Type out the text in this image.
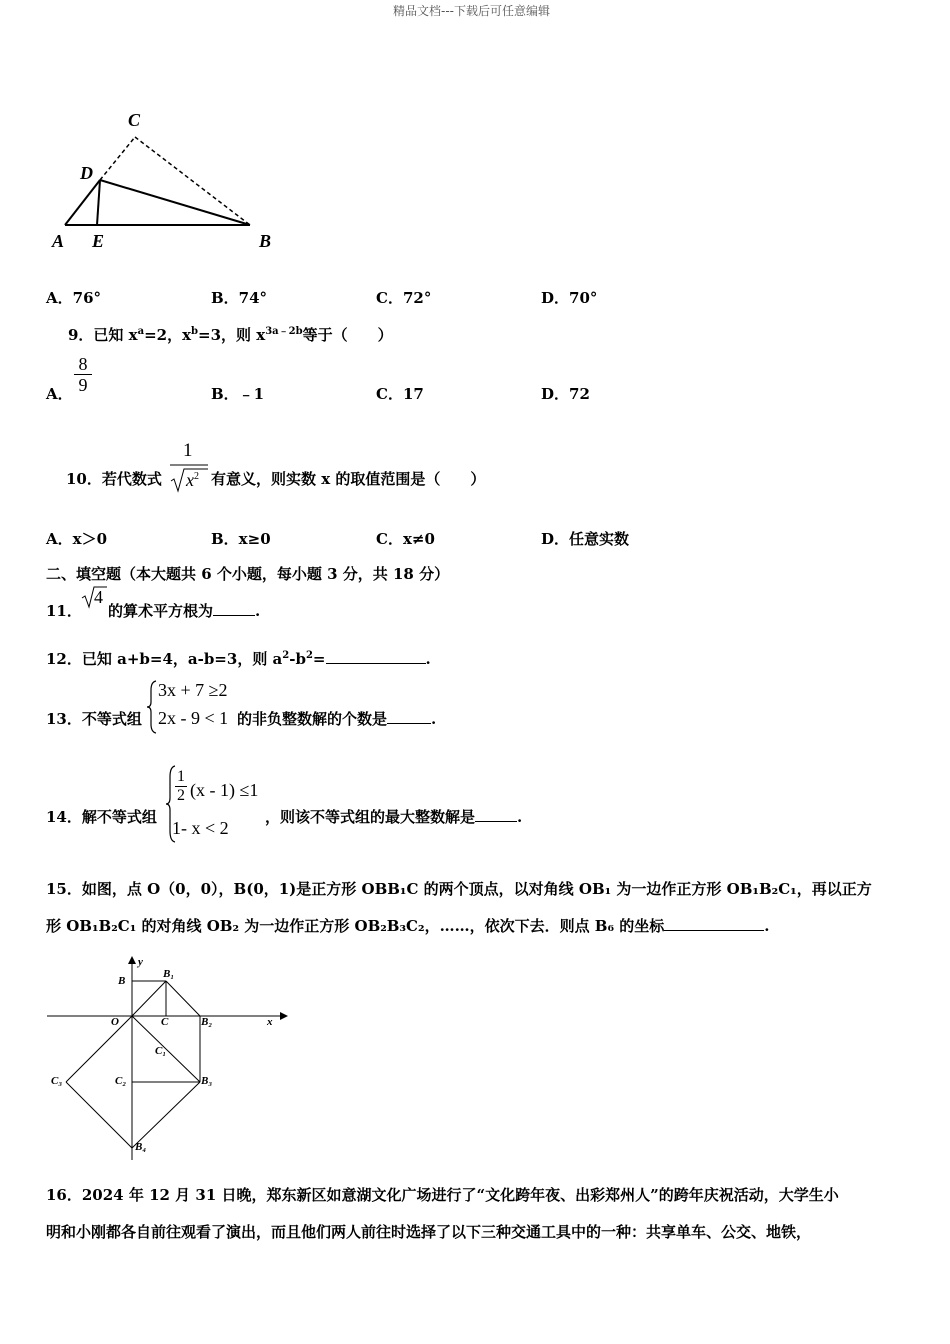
精品文档---下载后可任意编辑
C
D
A E	B
A．76°	B．74°	C．72°	D．70°
9．已知 $x^a=2$，$x^b=3$，则 $x^{3a﹣2b}$等于（　　）
A． $\frac{8}{9}$	B．﹣1	C．17	D．72
10．若代数式
1
$x^2$ 有意义，则实数 x 的取值范围是（　　）
A．x＞0	B．x≥0	C．x≠0	D．任意实数
二、填空题（本大题共 6 个小题，每小题 3 分，共 18 分）
11．
4
的算术平方根为	.
12．已知 a+b=4，a-b=3，则 $a^2-b^2=$	.
13．不等式组
3x + 7 ≥2
2x - 9 < 1 的非负整数解的个数是	.
14．解不等式组
$\frac{1}{2} (x - 1) \le 1$
1- x < 2
，则该不等式组的最大整数解是	.
15．如图，点 O（0，0），B(0，1)是正方形 OBB₁C 的两个顶点，以对角线 OB₁ 为一边作正方形 OB₁B₂C₁，再以正方
形 OB₁B₂C₁ 的对角线 OB₂ 为一边作正方形 OB₂B₃C₂，……，依次下去．则点 B₆ 的坐标	.
y
x
B
B₁
O	C	B₂
C₁
C₂	B₃
C₃
B₄
16．2024 年 12 月 31 日晚，郑东新区如意湖文化广场进行了“文化跨年夜、出彩郑州人”的跨年庆祝活动，大学生小
明和小刚都各自前往观看了演出，而且他们两人前往时选择了以下三种交通工具中的一种：共享单车、公交、地铁，
